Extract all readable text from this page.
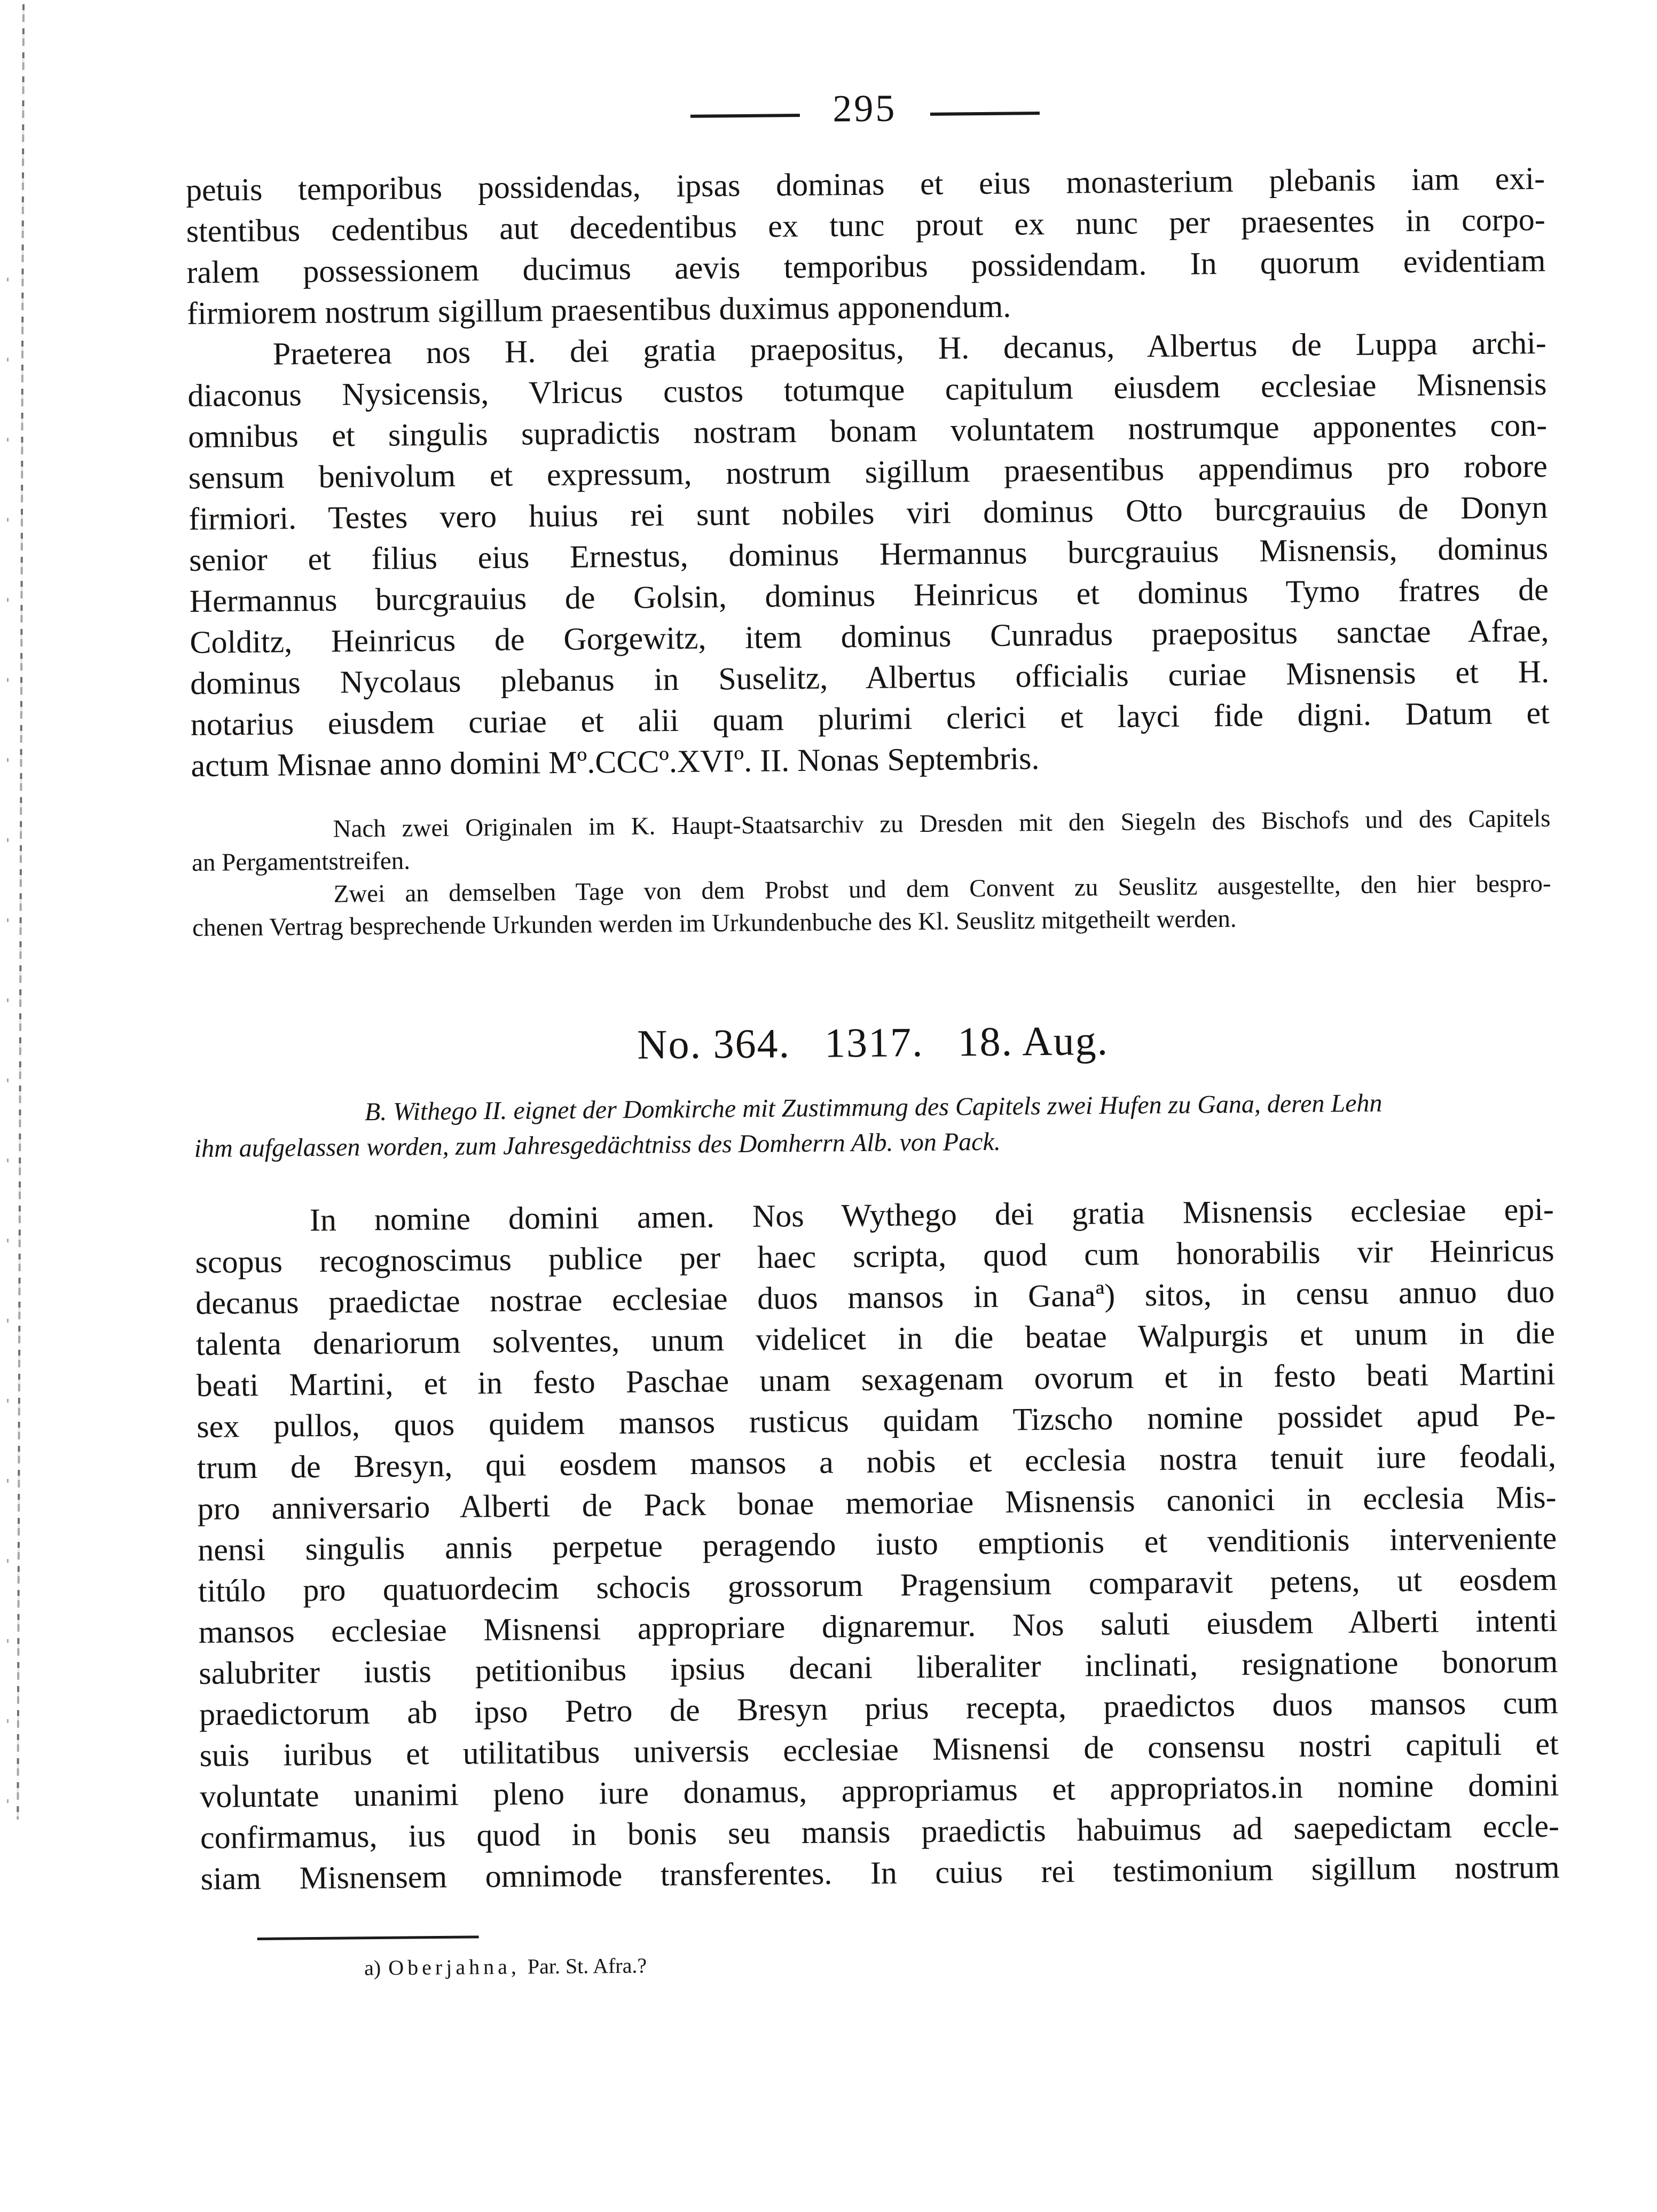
295
petuis temporibus possidendas, ipsas dominas et eius monasterium plebanis iam exi-
stentibus cedentibus aut decedentibus ex tunc prout ex nunc per praesentes in corpo-
ralem possessionem ducimus aevis temporibus possidendam. In quorum evidentiam
firmiorem nostrum sigillum praesentibus duximus apponendum.
Praeterea nos H. dei gratia praepositus, H. decanus, Albertus de Luppa archi-
diaconus Nysicensis, Vlricus custos totumque capitulum eiusdem ecclesiae Misnensis
omnibus et singulis supradictis nostram bonam voluntatem nostrumque apponentes con-
sensum benivolum et expressum, nostrum sigillum praesentibus appendimus pro robore
firmiori. Testes vero huius rei sunt nobiles viri dominus Otto burcgrauius de Donyn
senior et filius eius Ernestus, dominus Hermannus burcgrauius Misnensis, dominus
Hermannus burcgrauius de Golsin, dominus Heinricus et dominus Tymo fratres de
Colditz, Heinricus de Gorgewitz, item dominus Cunradus praepositus sanctae Afrae,
dominus Nycolaus plebanus in Suselitz, Albertus officialis curiae Misnensis et H.
notarius eiusdem curiae et alii quam plurimi clerici et layci fide digni. Datum et
actum Misnae anno domini Mº.CCCº.XVIº. II. Nonas Septembris.
Nach zwei Originalen im K. Haupt-Staatsarchiv zu Dresden mit den Siegeln des Bischofs und des Capitels
an Pergamentstreifen.
Zwei an demselben Tage von dem Probst und dem Convent zu Seuslitz ausgestellte, den hier bespro-
chenen Vertrag besprechende Urkunden werden im Urkundenbuche des Kl. Seuslitz mitgetheilt werden.
No. 364. 1317. 18. Aug.
B. Withego II. eignet der Domkirche mit Zustimmung des Capitels zwei Hufen zu Gana, deren Lehn
ihm aufgelassen worden, zum Jahresgedächtniss des Domherrn Alb. von Pack.
In nomine domini amen. Nos Wythego dei gratia Misnensis ecclesiae epi-
scopus recognoscimus publice per haec scripta, quod cum honorabilis vir Heinricus
decanus praedictae nostrae ecclesiae duos mansos in Ganaª) sitos, in censu annuo duo
talenta denariorum solventes, unum videlicet in die beatae Walpurgis et unum in die
beati Martini, et in festo Paschae unam sexagenam ovorum et in festo beati Martini
sex pullos, quos quidem mansos rusticus quidam Tizscho nomine possidet apud Pe-
trum de Bresyn, qui eosdem mansos a nobis et ecclesia nostra tenuit iure feodali,
pro anniversario Alberti de Pack bonae memoriae Misnensis canonici in ecclesia Mis-
nensi singulis annis perpetue peragendo iusto emptionis et venditionis interveniente
titúlo pro quatuordecim schocis grossorum Pragensium comparavit petens, ut eosdem
mansos ecclesiae Misnensi appropriare dignaremur. Nos saluti eiusdem Alberti intenti
salubriter iustis petitionibus ipsius decani liberaliter inclinati, resignatione bonorum
praedictorum ab ipso Petro de Bresyn prius recepta, praedictos duos mansos cum
suis iuribus et utilitatibus universis ecclesiae Misnensi de consensu nostri capituli et
voluntate unanimi pleno iure donamus, appropriamus et appropriatos.in nomine domini
confirmamus, ius quod in bonis seu mansis praedictis habuimus ad saepedictam eccle-
siam Misnensem omnimode transferentes. In cuius rei testimonium sigillum nostrum
a) Oberjahna, Par. St. Afra.?
